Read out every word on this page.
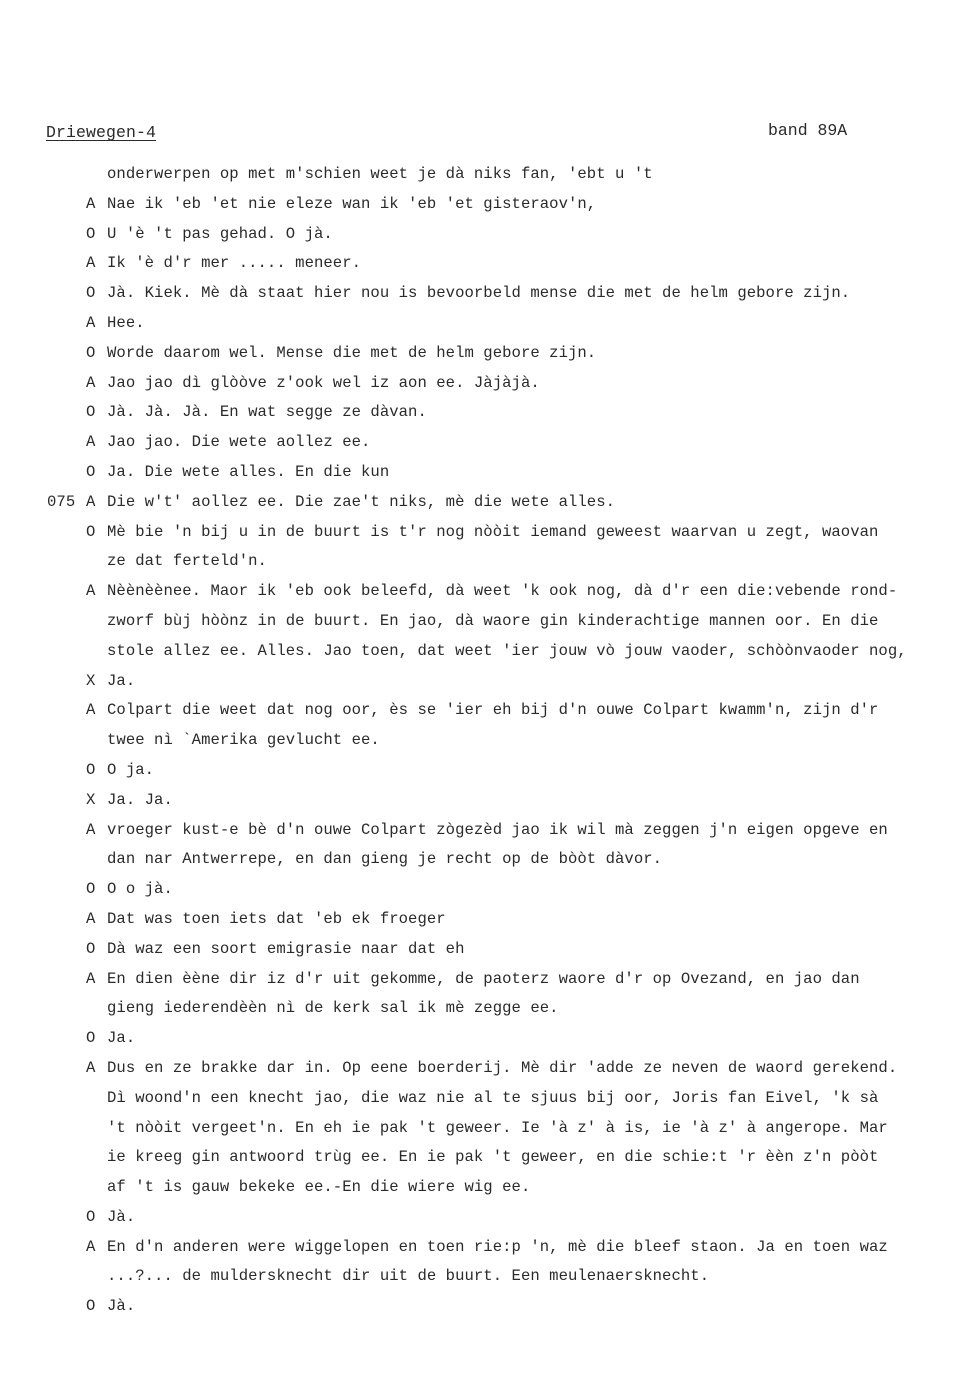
Driewegen-4	band 89A
onderwerpen op met m'schien weet je dà niks fan, 'ebt u 't
A Nae ik 'eb 'et nie eleze wan ik 'eb 'et gisteraov'n,
O U 'è 't pas gehad. O jà.
A Ik 'è d'r mer ..... meneer.
O Jà. Kiek. Mè dà staat hier nou is bevoorbeld mense die met de helm gebore zijn.
A Hee.
O Worde daarom wel. Mense die met de helm gebore zijn.
A Jao jao dì glòòve z'ook wel iz aon ee. Jàjàjà.
O Jà. Jà. Jà. En wat segge ze dàvan.
A Jao jao. Die wete aollez ee.
O Ja. Die wete alles. En die kun
075 A Die w't' aollez ee. Die zae't niks, mè die wete alles.
O Mè bie 'n bij u in de buurt is t'r nog nòòit iemand geweest waarvan u zegt, waovan
ze dat ferteld'n.
A Nèènèènee. Maor ik 'eb ook beleefd, dà weet 'k ook nog, dà d'r een die:vebende rond-
zworf bùj hòònz in de buurt. En jao, dà waore gin kinderachtige mannen oor. En die
stole allez ee. Alles. Jao toen, dat weet 'ier jouw vò jouw vaoder, schòònvaoder nog,
X Ja.
A Colpart die weet dat nog oor, ès se 'ier eh bij d'n ouwe Colpart kwamm'n, zijn d'r
twee nì `Amerika gevlucht ee.
O O ja.
X Ja. Ja.
A vroeger kust-e bè d'n ouwe Colpart zògezèd jao ik wil mà zeggen j'n eigen opgeve en
dan nar Antwerrepe, en dan gieng je recht op de bòòt dàvor.
O O o jà.
A Dat was toen iets dat 'eb ek froeger
O Dà waz een soort emigrasie naar dat eh
A En dien èène dir iz d'r uit gekomme, de paoterz waore d'r op Ovezand, en jao dan
gieng iederendèèn nì de kerk sal ik mè zegge ee.
O Ja.
A Dus en ze brakke dar in. Op eene boerderij. Mè dir 'adde ze neven de waord gerekend.
Dì woond'n een knecht jao, die waz nie al te sjuus bij oor, Joris fan Eivel, 'k sà
't nòòit vergeet'n. En eh ie pak 't geweer. Ie 'à z' à is, ie 'à z' à angerope. Mar
ie kreeg gin antwoord trùg ee. En ie pak 't geweer, en die schie:t 'r èèn z'n pòòt
af 't is gauw bekeke ee.-En die wiere wig ee.
O Jà.
A En d'n anderen were wiggelopen en toen rie:p 'n, mè die bleef staon. Ja en toen waz
...?... de muldersknecht dir uit de buurt. Een meulenaersknecht.
O Jà.
